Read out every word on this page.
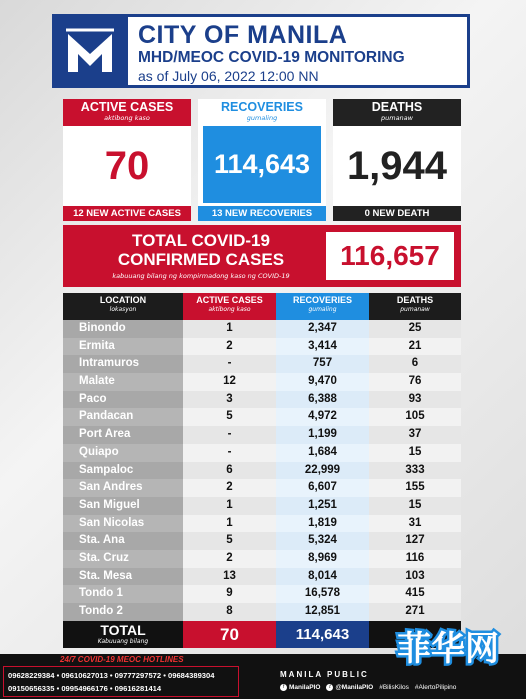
CITY OF MANILA
MHD/MEOC COVID-19 MONITORING
as of July 06, 2022 12:00 NN
ACTIVE CASES
aktibong kaso
70
12 NEW ACTIVE CASES
RECOVERIES
gumaling
114,643
13 NEW RECOVERIES
DEATHS
pumanaw
1,944
0 NEW DEATH
TOTAL COVID-19
CONFIRMED CASES
kabuuang bilang ng kompirmadong kaso ng COVID-19
116,657
LOCATION
lokasyon
ACTIVE CASES
aktibong kaso
RECOVERIES
gumaling
DEATHS
pumanaw
Binondo	1	2,347	25
Ermita	2	3,414	21
Intramuros	-	757	6
Malate	12	9,470	76
Paco	3	6,388	93
Pandacan	5	4,972	105
Port Area	-	1,199	37
Quiapo	-	1,684	15
Sampaloc	6	22,999	333
San Andres	2	6,607	155
San Miguel	1	1,251	15
San Nicolas	1	1,819	31
Sta. Ana	5	5,324	127
Sta. Cruz	2	8,969	116
Sta. Mesa	13	8,014	103
Tondo 1	9	16,578	415
Tondo 2	8	12,851	271
TOTAL
Kabuuang bilang	70	114,643
24/7 COVID-19 MEOC HOTLINES
09628229384 • 09610627013 • 09777297572 • 09684389304
09150656335 • 09954966176 • 09616281414
MANILA PUBLIC
f ManilaPIO	t @ManilaPIO #BilisKilos #AlertoPilipino
菲华网
